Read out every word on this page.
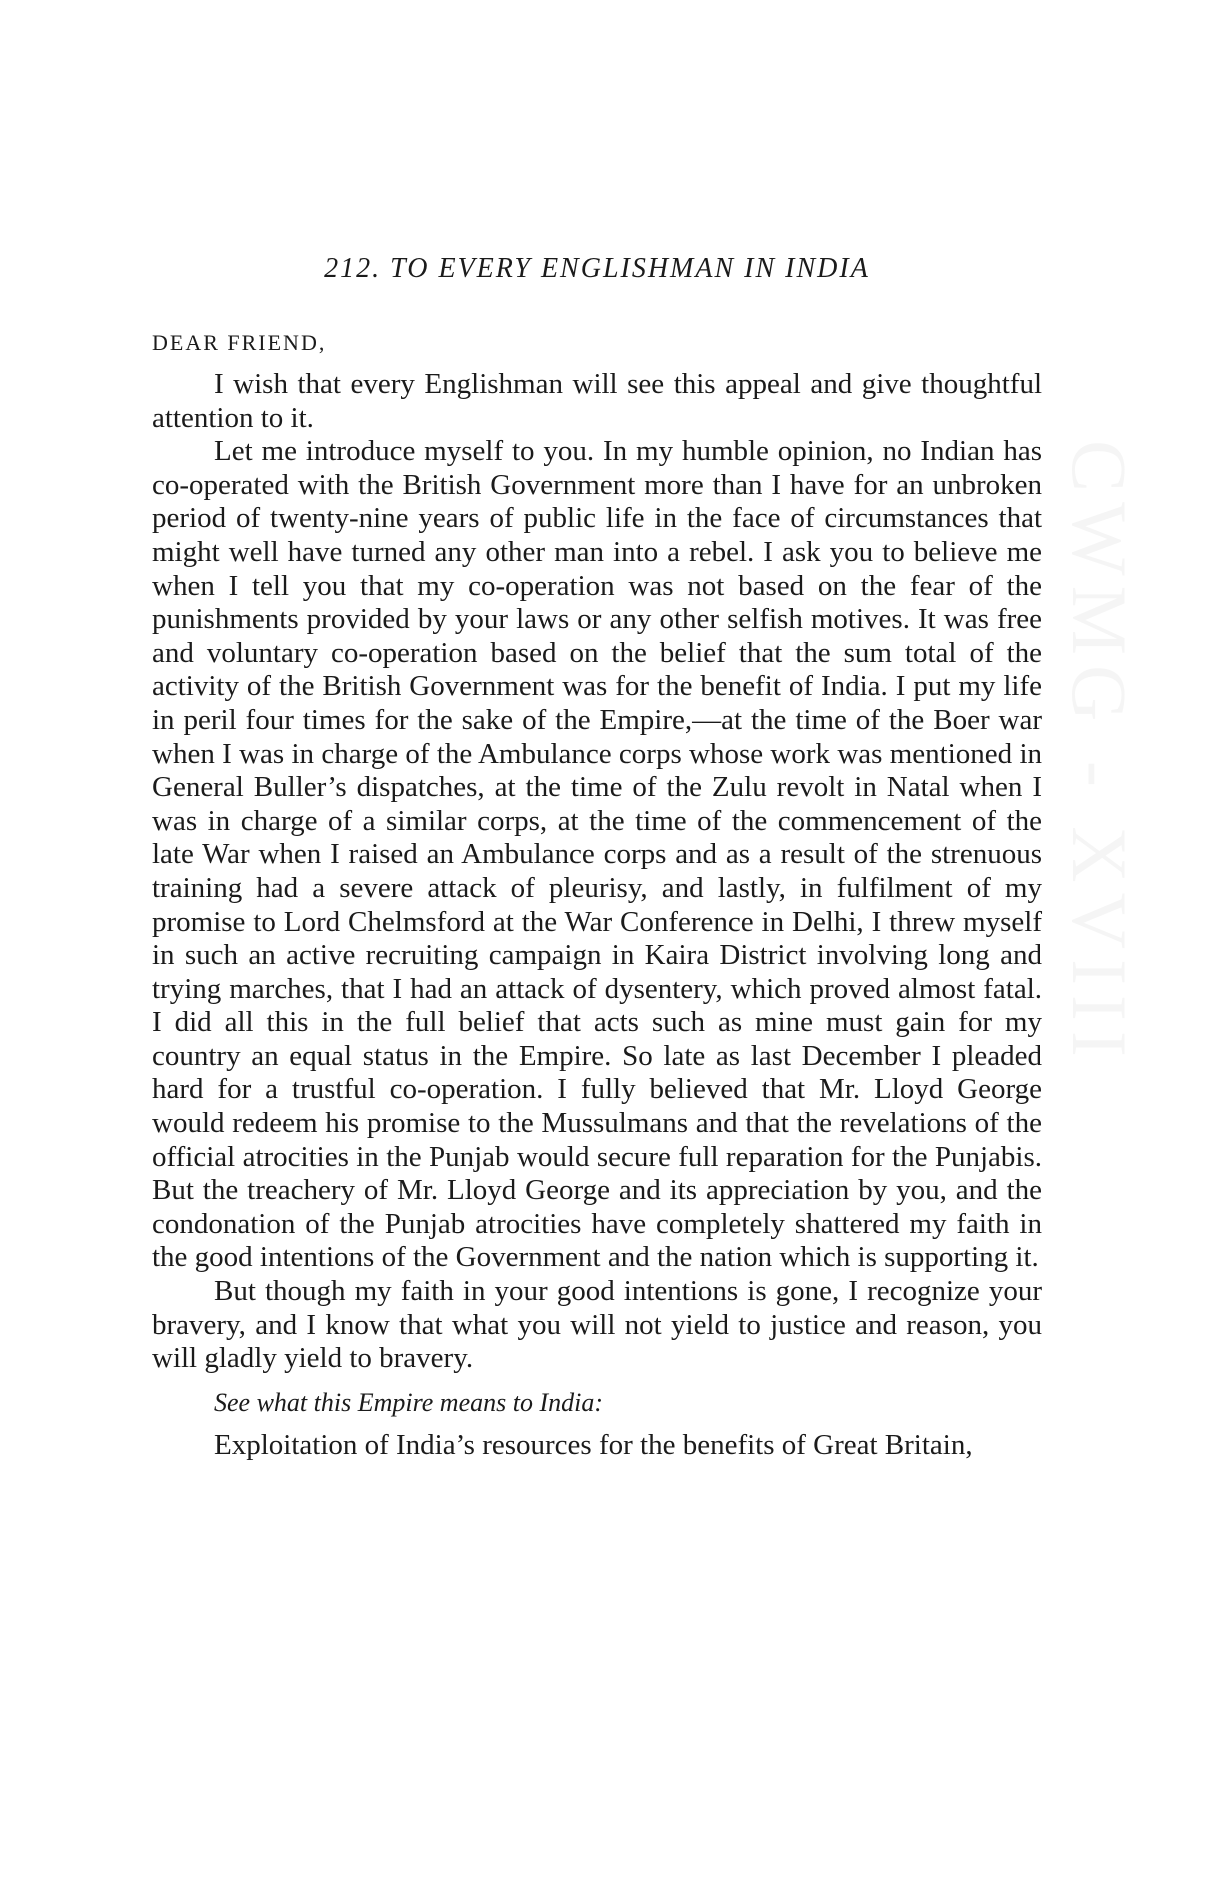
CWMG - XVIII
212. TO EVERY ENGLISHMAN IN INDIA
DEAR FRIEND,

I wish that every Englishman will see this appeal and give thoughtful attention to it.

Let me introduce myself to you. In my humble opinion, no Indian has co-operated with the British Government more than I have for an unbroken period of twenty-nine years of public life in the face of circumstances that might well have turned any other man into a rebel. I ask you to believe me when I tell you that my co-operation was not based on the fear of the punishments provided by your laws or any other selfish motives. It was free and voluntary co-operation based on the belief that the sum total of the activity of the British Government was for the benefit of India. I put my life in peril four times for the sake of the Empire,—at the time of the Boer war when I was in charge of the Ambulance corps whose work was mentioned in General Buller’s dispatches, at the time of the Zulu revolt in Natal when I was in charge of a similar corps, at the time of the commencement of the late War when I raised an Ambulance corps and as a result of the strenuous training had a severe attack of pleurisy, and lastly, in fulfilment of my promise to Lord Chelmsford at the War Conference in Delhi, I threw myself in such an active recruiting campaign in Kaira District involving long and trying marches, that I had an attack of dysentery, which proved almost fatal. I did all this in the full belief that acts such as mine must gain for my country an equal status in the Empire. So late as last December I pleaded hard for a trustful co-operation. I fully believed that Mr. Lloyd George would redeem his promise to the Mussulmans and that the revelations of the official atrocities in the Punjab would secure full reparation for the Punjabis. But the treachery of Mr. Lloyd George and its appreciation by you, and the condonation of the Punjab atrocities have completely shattered my faith in the good intentions of the Government and the nation which is supporting it.

But though my faith in your good intentions is gone, I recognize your bravery, and I know that what you will not yield to justice and reason, you will gladly yield to bravery.

See what this Empire means to India:

Exploitation of India’s resources for the benefits of Great Britain,
